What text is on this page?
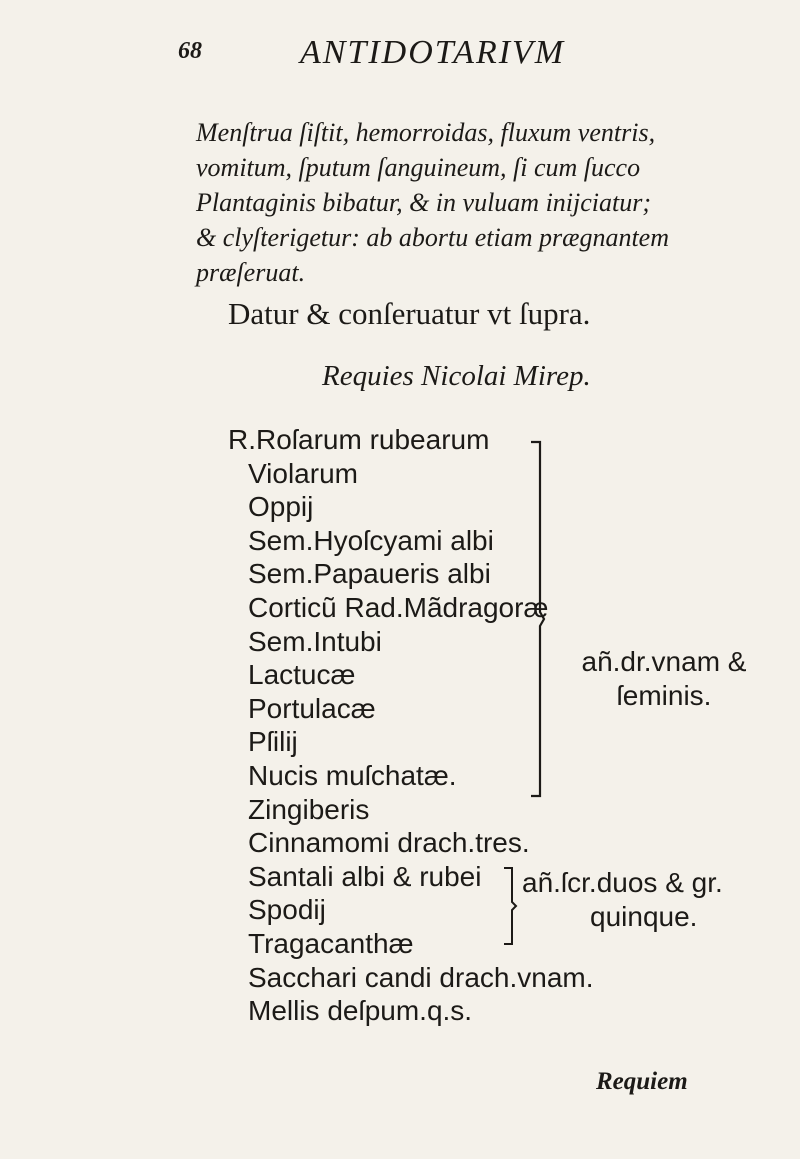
68	ANTIDOTARIVM
Menſtrua ſiſtit, hemorroidas, fluxum ventris,
vomitum, ſputum ſanguineum, ſi cum ſucco
Plantaginis bibatur, & in vuluam inijciatur;
& clyſterigetur: ab abortu etiam prægnantem
præſeruat.
Datur & conſeruatur vt ſupra.
Requies Nicolai Mirep.
R.Roſarum rubearum
Violarum
Oppij
Sem.Hyoſcyami albi
Sem.Papaueris albi
Corticũ Rad.Mãdragoræ
Sem.Intubi
Lactucæ
Portulacæ
Pſilij
Nucis muſchatæ.
Zingiberis
Cinnamomi drach.tres.
Santali albi & rubei
Spodij
Tragacanthæ
Sacchari candi drach.vnam.
Mellis deſpum.q.s.
añ.dr.vnam &
ſeminis.
añ.ſcr.duos & gr.
quinque.
Requiem
